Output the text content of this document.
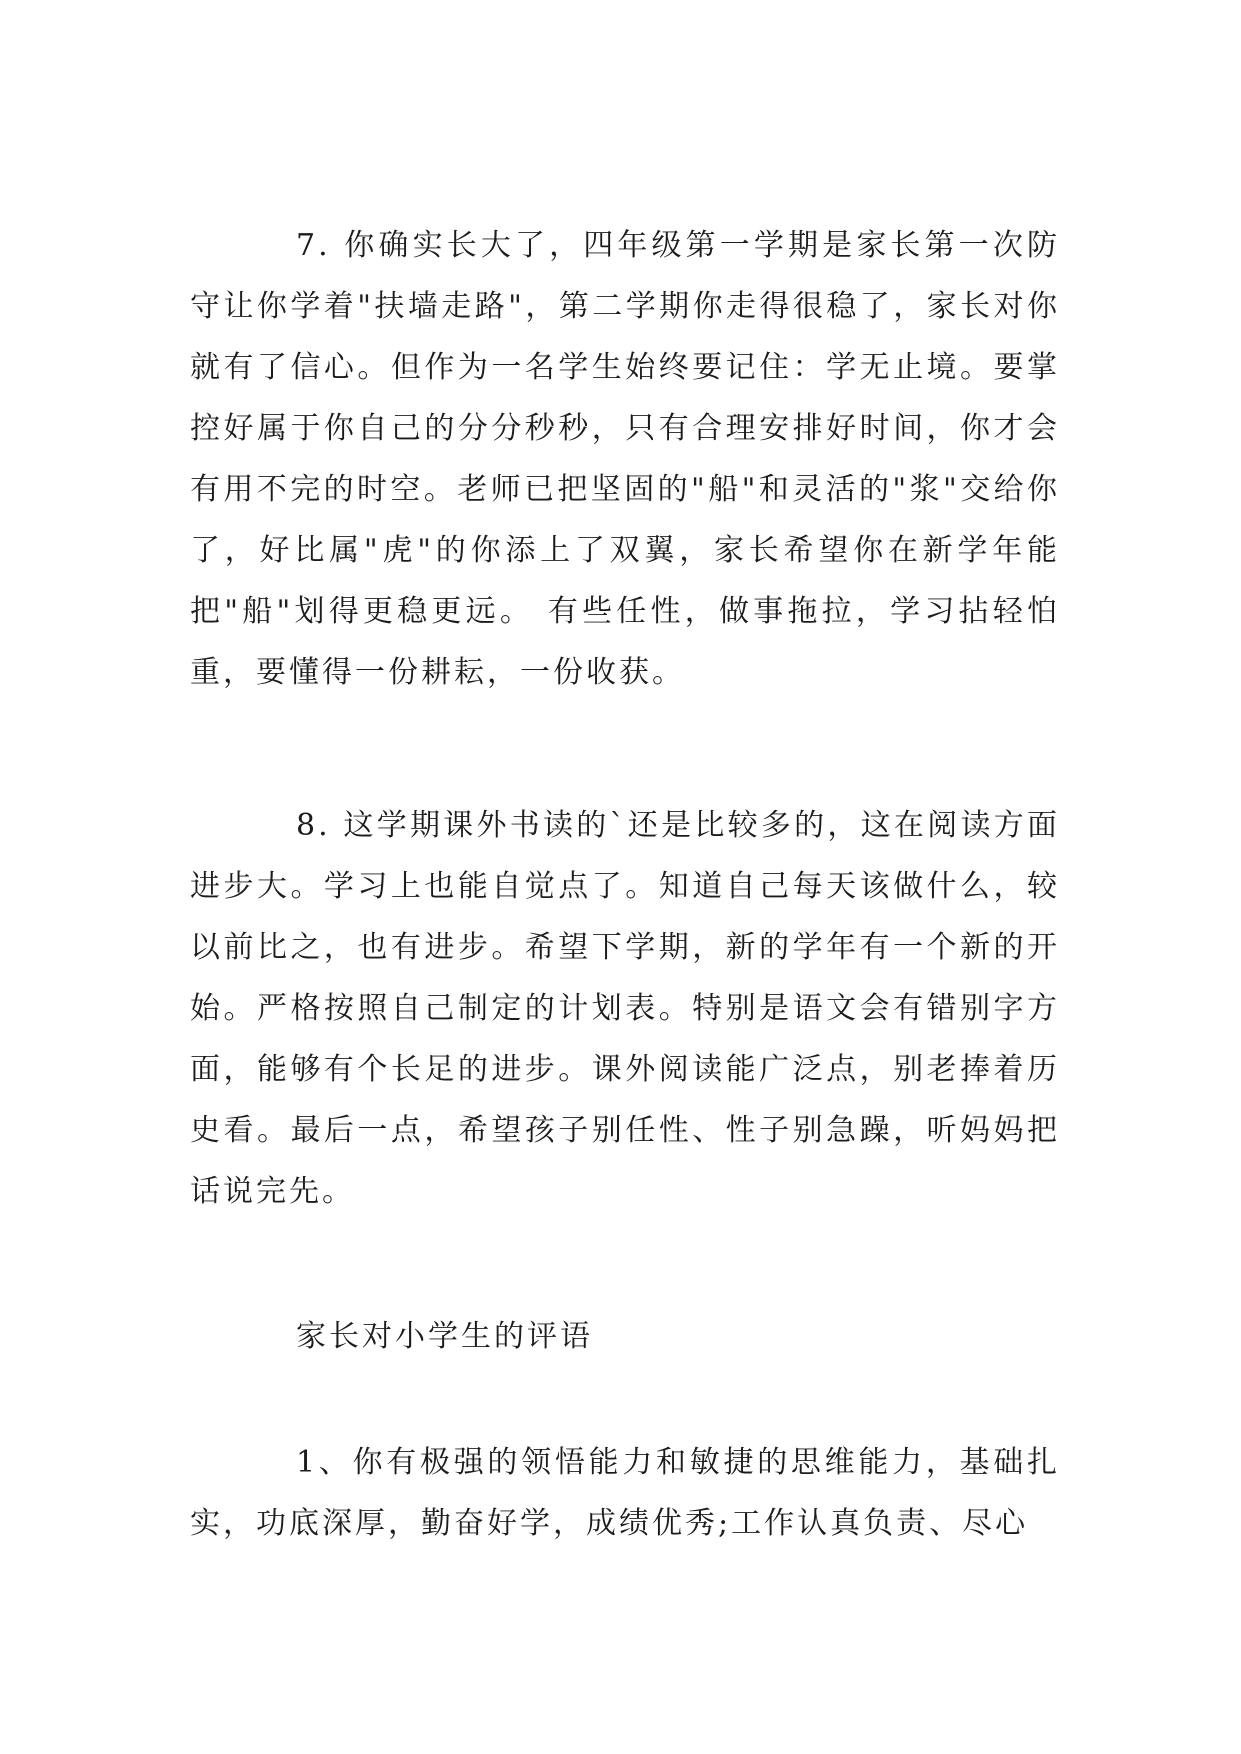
7. 你确实长大了，四年级第一学期是家长第一次防守让你学着"扶墙走路"，第二学期你走得很稳了，家长对你就有了信心。但作为一名学生始终要记住：学无止境。要掌控好属于你自己的分分秒秒，只有合理安排好时间，你才会有用不完的时空。老师已把坚固的"船"和灵活的"浆"交给你了，好比属"虎"的你添上了双翼，家长希望你在新学年能把"船"划得更稳更远。 有些任性，做事拖拉，学习拈轻怕重，要懂得一份耕耘，一份收获。

8. 这学期课外书读的`还是比较多的，这在阅读方面进步大。学习上也能自觉点了。知道自己每天该做什么，较以前比之，也有进步。希望下学期，新的学年有一个新的开始。严格按照自己制定的计划表。特别是语文会有错别字方面，能够有个长足的进步。课外阅读能广泛点，别老捧着历史看。最后一点，希望孩子别任性、性子别急躁，听妈妈把话说完先。

家长对小学生的评语

1、你有极强的领悟能力和敏捷的思维能力，基础扎实，功底深厚，勤奋好学，成绩优秀;工作认真负责、尽心
